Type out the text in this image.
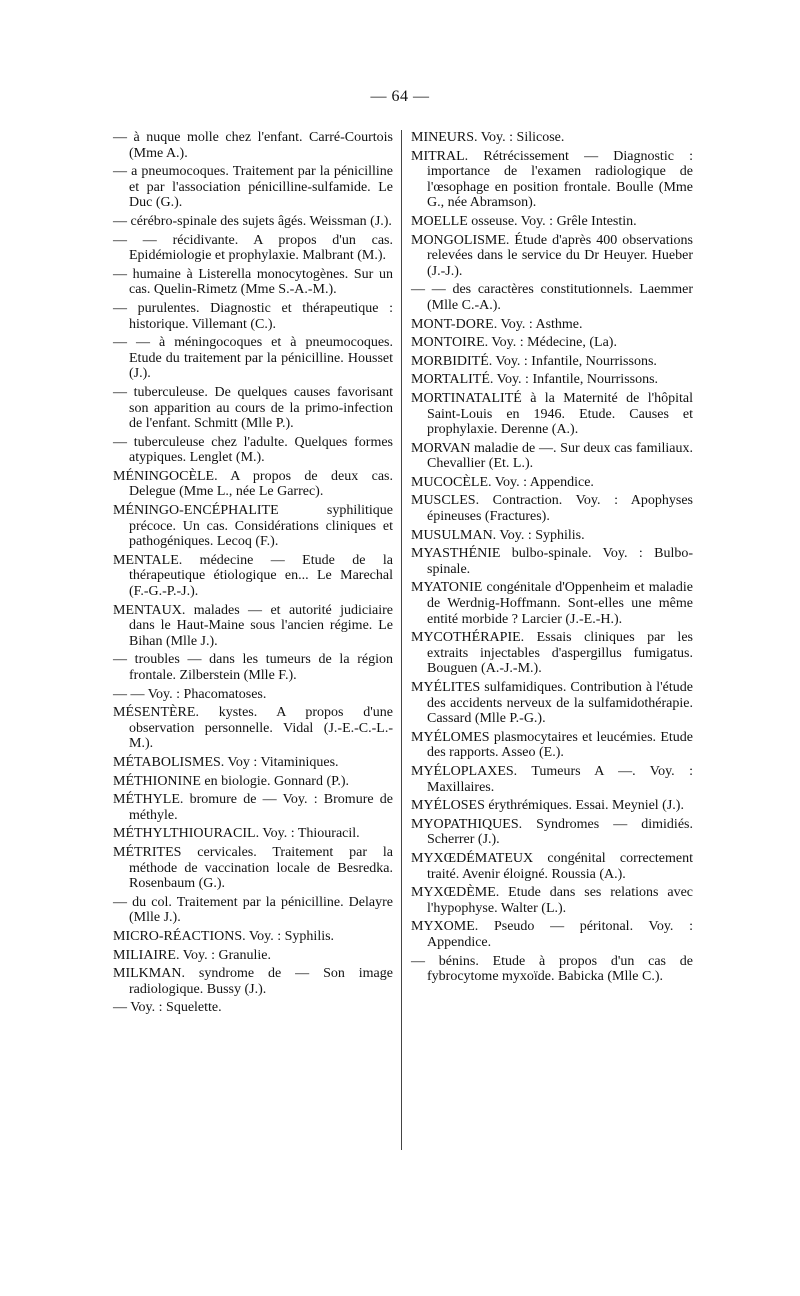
— 64 —

— à nuque molle chez l'enfant. Carré-Courtois (Mme A.).

— a pneumocoques. Traitement par la pénicilline et par l'association pénicilline-sulfamide. Le Duc (G.).

— cérébro-spinale des sujets âgés. Weissman (J.).

— — récidivante. A propos d'un cas. Epidémiologie et prophylaxie. Malbrant (M.).

— humaine à Listerella monocytogènes. Sur un cas. Quelin-Rimetz (Mme S.-A.-M.).

— purulentes. Diagnostic et thérapeutique : historique. Villemant (C.).

— — à méningocoques et à pneumocoques. Etude du traitement par la pénicilline. Housset (J.).

— tuberculeuse. De quelques causes favorisant son apparition au cours de la primo-infection de l'enfant. Schmitt (Mlle P.).

— tuberculeuse chez l'adulte. Quelques formes atypiques. Lenglet (M.).

MÉNINGOCÈLE. A propos de deux cas. Delegue (Mme L., née Le Garrec).

MÉNINGO-ENCÉPHALITE syphilitique précoce. Un cas. Considérations cliniques et pathogéniques. Lecoq (F.).

MENTALE. médecine — Etude de la thérapeutique étiologique en... Le Marechal (F.-G.-P.-J.).

MENTAUX. malades — et autorité judiciaire dans le Haut-Maine sous l'ancien régime. Le Bihan (Mlle J.).

— troubles — dans les tumeurs de la région frontale. Zilberstein (Mlle F.).

— — Voy. : Phacomatoses.

MÉSENTÈRE. kystes. A propos d'une observation personnelle. Vidal (J.-E.-C.-L.-M.).

MÉTABOLISMES. Voy : Vitaminiques.

MÉTHIONINE en biologie. Gonnard (P.).

MÉTHYLE. bromure de — Voy. : Bromure de méthyle.

MÉTHYLTHIOURACIL. Voy. : Thiouracil.

MÉTRITES cervicales. Traitement par la méthode de vaccination locale de Besredka. Rosenbaum (G.).

— du col. Traitement par la pénicilline. Delayre (Mlle J.).

MICRO-RÉACTIONS. Voy. : Syphilis.

MILIAIRE. Voy. : Granulie.

MILKMAN. syndrome de — Son image radiologique. Bussy (J.).

— Voy. : Squelette.

MINEURS. Voy. : Silicose.

MITRAL. Rétrécissement — Diagnostic : importance de l'examen radiologique de l'œsophage en position frontale. Boulle (Mme G., née Abramson).

MOELLE osseuse. Voy. : Grêle Intestin.

MONGOLISME. Étude d'après 400 observations relevées dans le service du Dr Heuyer. Hueber (J.-J.).

— — des caractères constitutionnels. Laemmer (Mlle C.-A.).

MONT-DORE. Voy. : Asthme.

MONTOIRE. Voy. : Médecine, (La).

MORBIDITÉ. Voy. : Infantile, Nourrissons.

MORTALITÉ. Voy. : Infantile, Nourrissons.

MORTINATALITÉ à la Maternité de l'hôpital Saint-Louis en 1946. Etude. Causes et prophylaxie. Derenne (A.).

MORVAN maladie de —. Sur deux cas familiaux. Chevallier (Et. L.).

MUCOCÈLE. Voy. : Appendice.

MUSCLES. Contraction. Voy. : Apophyses épineuses (Fractures).

MUSULMAN. Voy. : Syphilis.

MYASTHÉNIE bulbo-spinale. Voy. : Bulbo-spinale.

MYATONIE congénitale d'Oppenheim et maladie de Werdnig-Hoffmann. Sont-elles une même entité morbide ? Larcier (J.-E.-H.).

MYCOTHÉRAPIE. Essais cliniques par les extraits injectables d'aspergillus fumigatus. Bouguen (A.-J.-M.).

MYÉLITES sulfamidiques. Contribution à l'étude des accidents nerveux de la sulfamidothérapie. Cassard (Mlle P.-G.).

MYÉLOMES plasmocytaires et leucémies. Etude des rapports. Asseo (E.).

MYÉLOPLAXES. Tumeurs A —. Voy. : Maxillaires.

MYÉLOSES érythrémiques. Essai. Meyniel (J.).

MYOPATHIQUES. Syndromes — dimidiés. Scherrer (J.).

MYXŒDÉMATEUX congénital correctement traité. Avenir éloigné. Roussia (A.).

MYXŒDÈME. Etude dans ses relations avec l'hypophyse. Walter (L.).

MYXOME. Pseudo — péritonal. Voy. : Appendice.

— bénins. Etude à propos d'un cas de fybrocytome myxoïde. Babicka (Mlle C.).
